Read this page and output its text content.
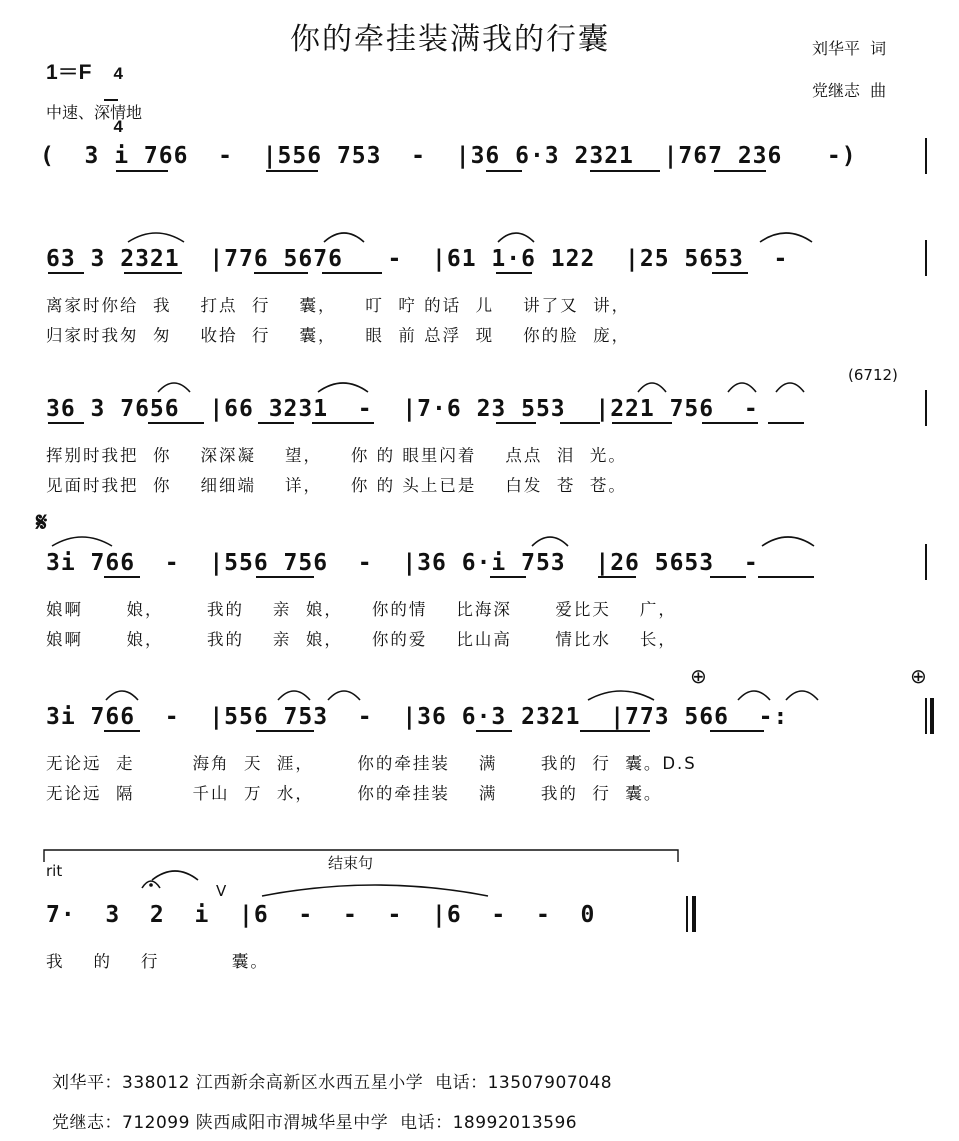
你的牵挂装满我的行囊	刘华平  词
党继志  曲
1＝F	4

4

中速、深情地
(  3 i 766  -  |556 753  -  |36 6·3 2321  |767 236   -)
63 3 2321  |776 5676   -  |61 1·6 122  |25 5653  -
离家时你给  我    打点  行    囊，    叮  咛 的话  儿    讲了又  讲，
归家时我匆  匆    收拾  行    囊，    眼  前 总浮  现    你的脸  庞，
(6712)
36 3 7656  |66 3231  -  |7·6 23 553  |221 756  -
挥别时我把  你    深深凝    望，    你 的 眼里闪着    点点  泪  光。
见面时我把  你    细细端    详，    你 的 头上已是    白发  苍  苍。
𝄋
3i 766  -  |556 756  -  |36 6·i 753  |26 5653  -
娘啊      娘，      我的    亲  娘，    你的情    比海深      爱比天    广，
娘啊      娘，      我的    亲  娘，    你的爱    比山高      情比水    长，
⊕	⊕
3i 766  -  |556 753  -  |36 6·3 2321  |773 566  -:
无论远  走        海角  天  涯，      你的牵挂装    满      我的  行  囊。D.S
无论远  隔        千山  万  水，      你的牵挂装    满      我的  行  囊。
rit	结束句
V
7·  3  2  i  |6  -  -  -  |6  -  -  0
我    的    行          囊。
刘华平：338012 江西新余高新区水西五星小学  电话：13507907048
党继志：712099 陕西咸阳市渭城华星中学  电话：18992013596
